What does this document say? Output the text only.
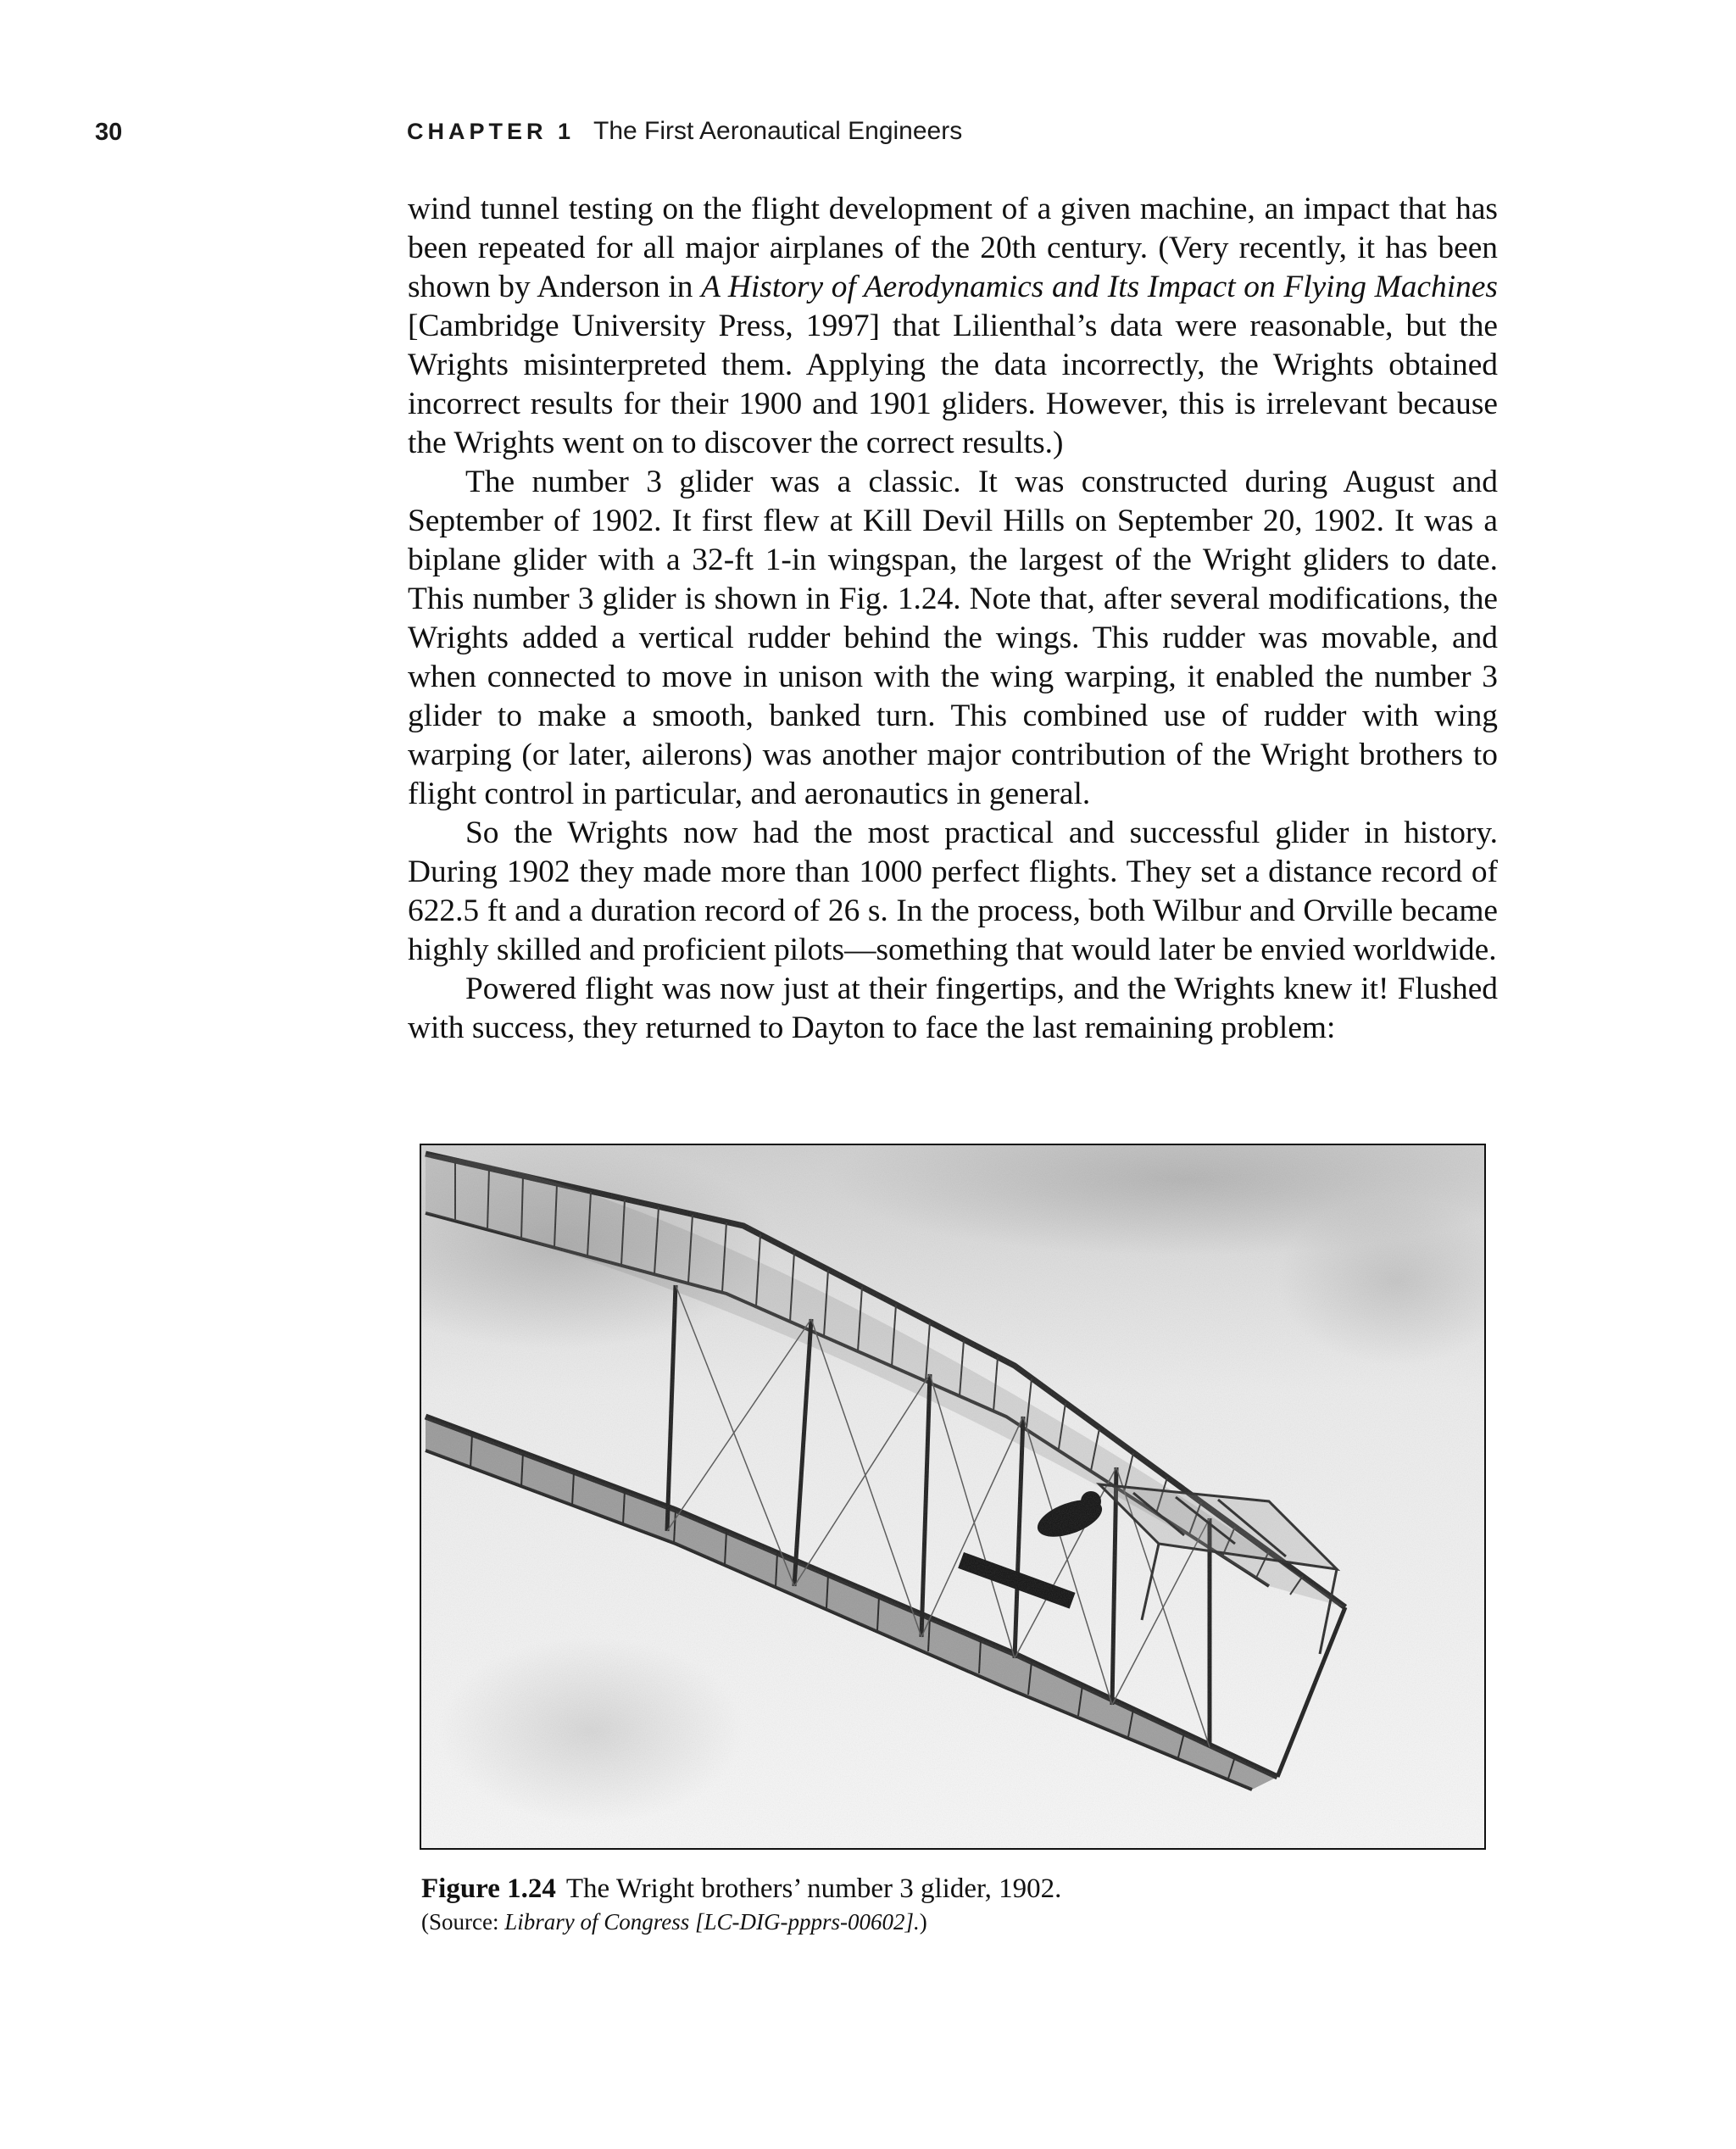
30	CHAPTER 1 The First Aeronautical Engineers

wind tunnel testing on the flight development of a given machine, an impact that has been repeated for all major airplanes of the 20th century. (Very recently, it has been shown by Anderson in A History of Aerodynamics and Its Impact on Flying Machines [Cambridge University Press, 1997] that Lilienthal’s data were reasonable, but the Wrights misinterpreted them. Applying the data incorrectly, the Wrights obtained incorrect results for their 1900 and 1901 gliders. However, this is irrelevant because the Wrights went on to discover the correct results.)

The number 3 glider was a classic. It was constructed during August and September of 1902. It first flew at Kill Devil Hills on September 20, 1902. It was a biplane glider with a 32-ft 1-in wingspan, the largest of the Wright gliders to date. This number 3 glider is shown in Fig. 1.24. Note that, after several modifications, the Wrights added a vertical rudder behind the wings. This rudder was movable, and when connected to move in unison with the wing warping, it enabled the number 3 glider to make a smooth, banked turn. This combined use of rudder with wing warping (or later, ailerons) was another major contribution of the Wright brothers to flight control in particular, and aeronautics in general.

So the Wrights now had the most practical and successful glider in history. During 1902 they made more than 1000 perfect flights. They set a distance record of 622.5 ft and a duration record of 26 s. In the process, both Wilbur and Orville became highly skilled and proficient pilots—something that would later be envied worldwide.

Powered flight was now just at their fingertips, and the Wrights knew it! Flushed with success, they returned to Dayton to face the last remaining problem:

Figure 1.24 The Wright brothers’ number 3 glider, 1902.
(Source: Library of Congress [LC-DIG-ppprs-00602].)
